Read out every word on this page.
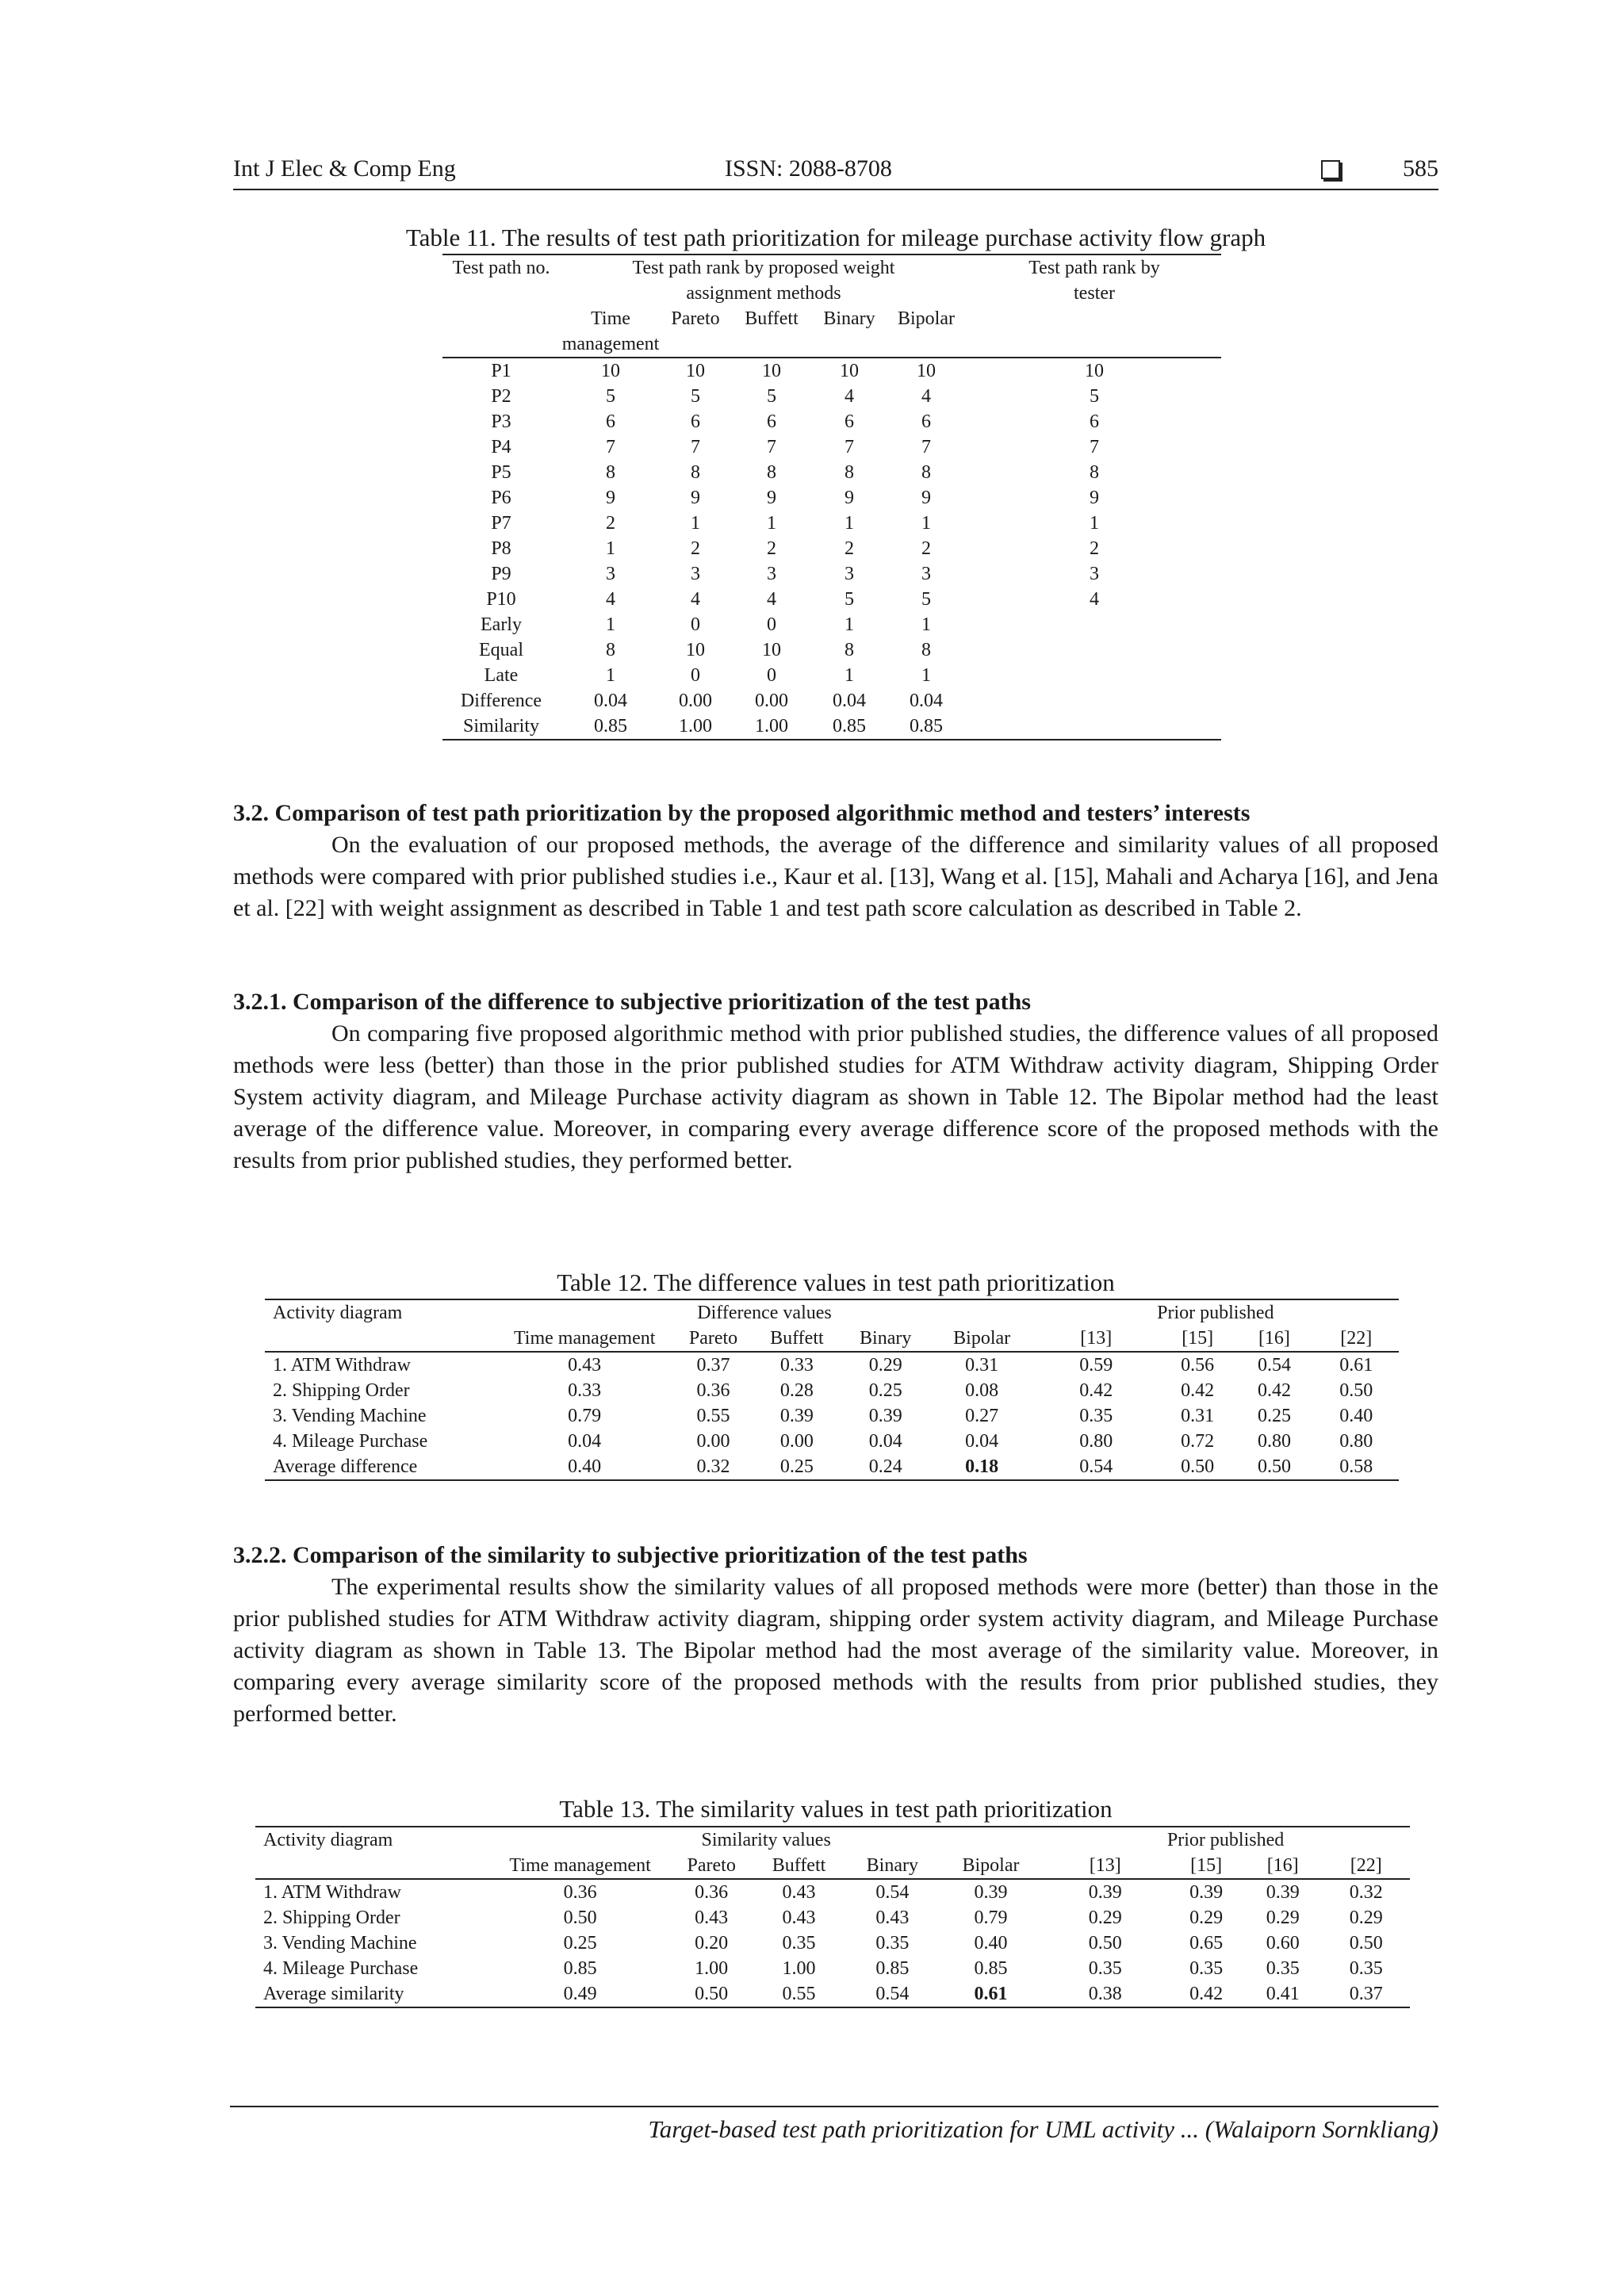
Int J Elec & Comp Eng	ISSN: 2088-8708	585
Table 11. The results of test path prioritization for mileage purchase activity flow graph
Test path no.	Test path rank by proposed weight assignment methods					Test path rank by tester
	Time management	Pareto	Buffett	Binary	Bipolar	
P1	10	10	10	10	10	10
P2	5	5	5	4	4	5
P3	6	6	6	6	6	6
P4	7	7	7	7	7	7
P5	8	8	8	8	8	8
P6	9	9	9	9	9	9
P7	2	1	1	1	1	1
P8	1	2	2	2	2	2
P9	3	3	3	3	3	3
P10	4	4	4	5	5	4
Early	1	0	0	1	1	
Equal	8	10	10	8	8	
Late	1	0	0	1	1	
Difference	0.04	0.00	0.00	0.04	0.04	
Similarity	0.85	1.00	1.00	0.85	0.85	
3.2. Comparison of test path prioritization by the proposed algorithmic method and testers’ interests

On the evaluation of our proposed methods, the average of the difference and similarity values of all proposed methods were compared with prior published studies i.e., Kaur et al. [13], Wang et al. [15], Mahali and Acharya [16], and Jena et al. [22] with weight assignment as described in Table 1 and test path score calculation as described in Table 2.

3.2.1. Comparison of the difference to subjective prioritization of the test paths

On comparing five proposed algorithmic method with prior published studies, the difference values of all proposed methods were less (better) than those in the prior published studies for ATM Withdraw activity diagram, Shipping Order System activity diagram, and Mileage Purchase activity diagram as shown in Table 12. The Bipolar method had the least average of the difference value. Moreover, in comparing every average difference score of the proposed methods with the results from prior published studies, they performed better.

Table 12. The difference values in test path prioritization
Activity diagram	Difference values					Prior published			
	Time management	Pareto	Buffett	Binary	Bipolar	[13]	[15]	[16]	[22]
1. ATM Withdraw	0.43	0.37	0.33	0.29	0.31	0.59	0.56	0.54	0.61
2. Shipping Order	0.33	0.36	0.28	0.25	0.08	0.42	0.42	0.42	0.50
3. Vending Machine	0.79	0.55	0.39	0.39	0.27	0.35	0.31	0.25	0.40
4. Mileage Purchase	0.04	0.00	0.00	0.04	0.04	0.80	0.72	0.80	0.80
Average difference	0.40	0.32	0.25	0.24	0.18	0.54	0.50	0.50	0.58
3.2.2. Comparison of the similarity to subjective prioritization of the test paths

The experimental results show the similarity values of all proposed methods were more (better) than those in the prior published studies for ATM Withdraw activity diagram, shipping order system activity diagram, and Mileage Purchase activity diagram as shown in Table 13. The Bipolar method had the most average of the similarity value. Moreover, in comparing every average similarity score of the proposed methods with the results from prior published studies, they performed better.

Table 13. The similarity values in test path prioritization
Activity diagram	Similarity values					Prior published			
	Time management	Pareto	Buffett	Binary	Bipolar	[13]	[15]	[16]	[22]
1. ATM Withdraw	0.36	0.36	0.43	0.54	0.39	0.39	0.39	0.39	0.32
2. Shipping Order	0.50	0.43	0.43	0.43	0.79	0.29	0.29	0.29	0.29
3. Vending Machine	0.25	0.20	0.35	0.35	0.40	0.50	0.65	0.60	0.50
4. Mileage Purchase	0.85	1.00	1.00	0.85	0.85	0.35	0.35	0.35	0.35
Average similarity	0.49	0.50	0.55	0.54	0.61	0.38	0.42	0.41	0.37
Target-based test path prioritization for UML activity ... (Walaiporn Sornkliang)
